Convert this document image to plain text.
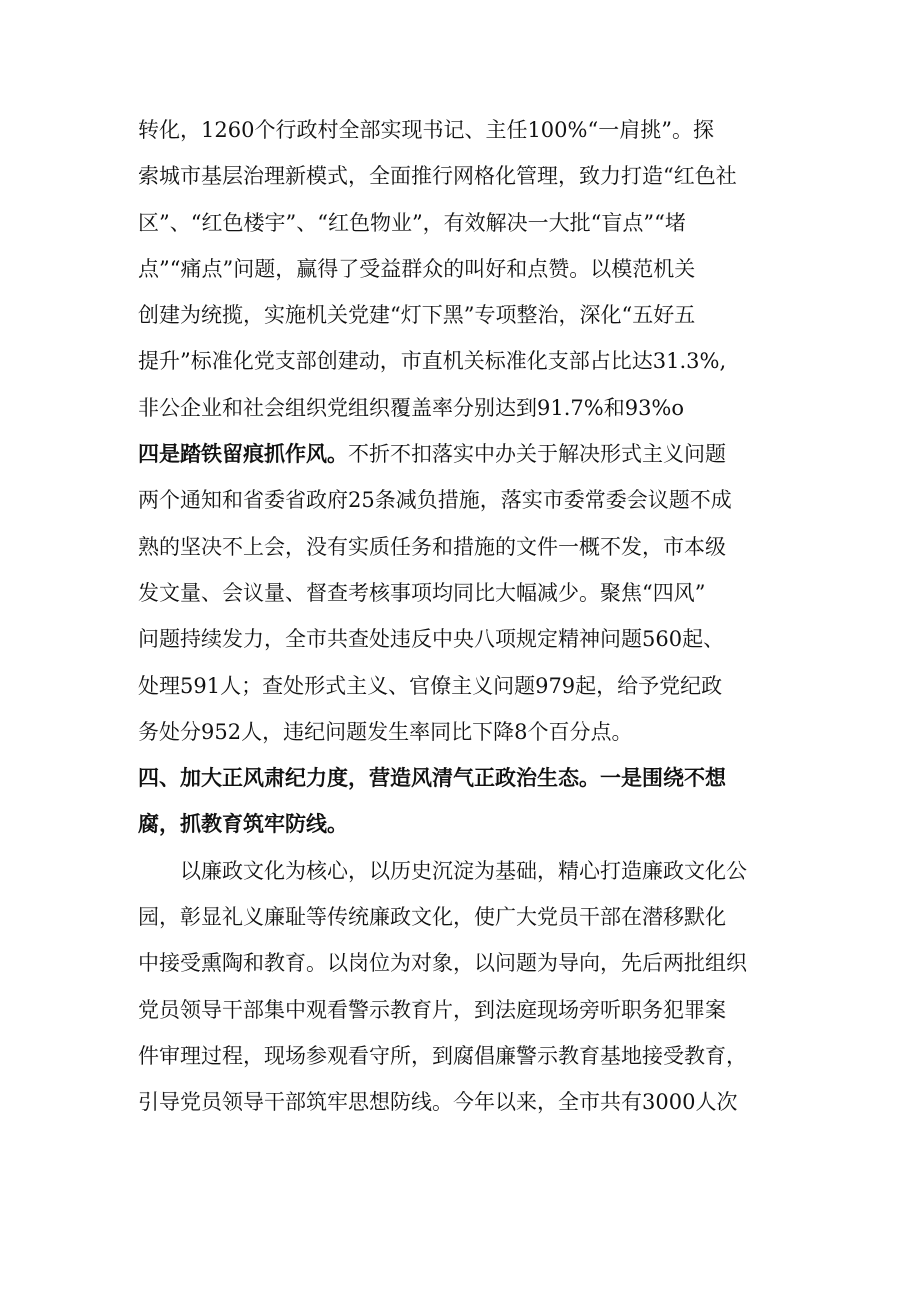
转化，1260个行政村全部实现书记、主任100%“一肩挑”。探
索城市基层治理新模式，全面推行网格化管理，致力打造“红色社
区”、“红色楼宇”、“红色物业”，有效解决一大批“盲点”“堵
点”“痛点”问题，赢得了受益群众的叫好和点赞。以模范机关
创建为统揽，实施机关党建“灯下黑”专项整治，深化“五好五
提升”标准化党支部创建动，市直机关标准化支部占比达31.3%,
非公企业和社会组织党组织覆盖率分别达到91.7%和93%o
四是踏铁留痕抓作风。不折不扣落实中办关于解决形式主义问题
两个通知和省委省政府25条减负措施，落实市委常委会议题不成
熟的坚决不上会，没有实质任务和措施的文件一概不发，市本级
发文量、会议量、督查考核事项均同比大幅减少。聚焦“四风”
问题持续发力，全市共查处违反中央八项规定精神问题560起、
处理591人；查处形式主义、官僚主义问题979起，给予党纪政
务处分952人，违纪问题发生率同比下降8个百分点。
四、加大正风肃纪力度，营造风清气正政治生态。一是围绕不想
腐，抓教育筑牢防线。
以廉政文化为核心，以历史沉淀为基础，精心打造廉政文化公
园，彰显礼义廉耻等传统廉政文化，使广大党员干部在潜移默化
中接受熏陶和教育。以岗位为对象，以问题为导向，先后两批组织
党员领导干部集中观看警示教育片，到法庭现场旁听职务犯罪案
件审理过程，现场参观看守所，到腐倡廉警示教育基地接受教育，
引导党员领导干部筑牢思想防线。今年以来，全市共有3000人次
